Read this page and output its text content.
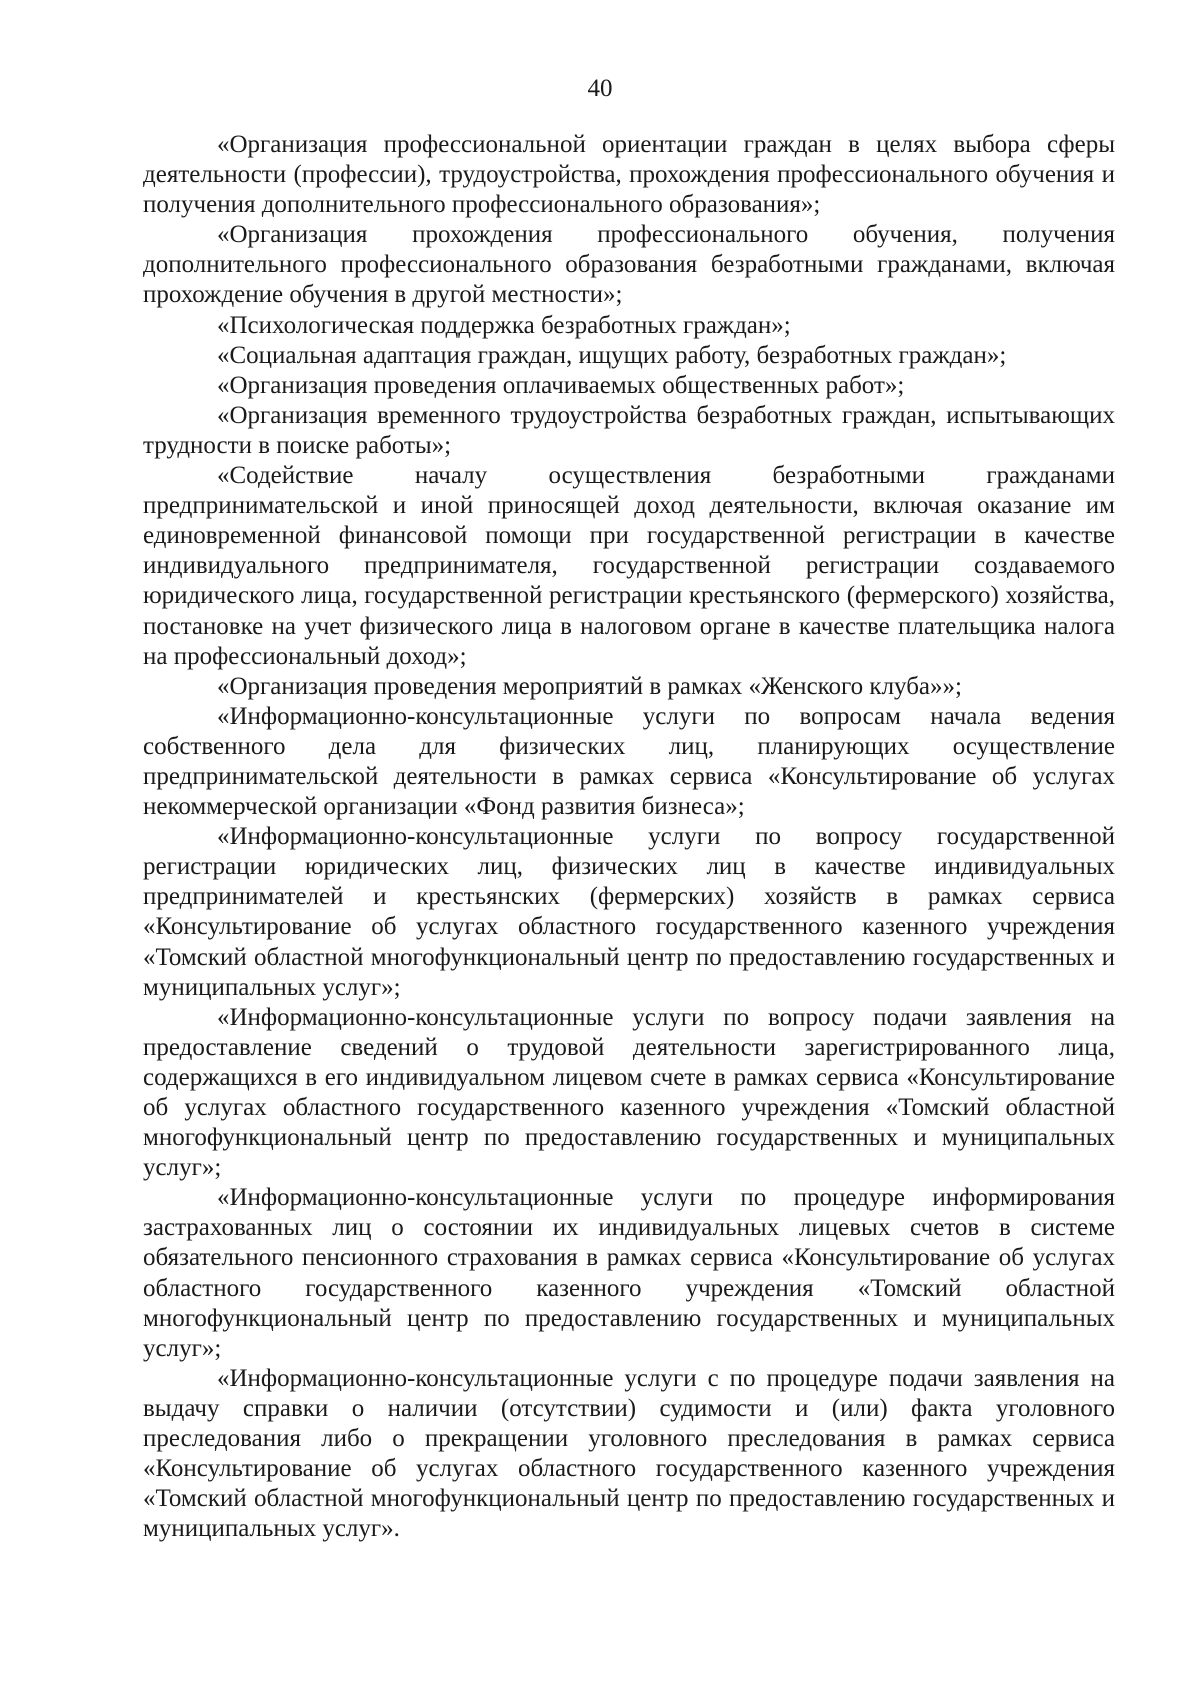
40

«Организация профессиональной ориентации граждан в целях выбора сферы деятельности (профессии), трудоустройства, прохождения профессионального обучения и получения дополнительного профессионального образования»;

«Организация прохождения профессионального обучения, получения дополнительного профессионального образования безработными гражданами, включая прохождение обучения в другой местности»;

«Психологическая поддержка безработных граждан»;

«Социальная адаптация граждан, ищущих работу, безработных граждан»;

«Организация проведения оплачиваемых общественных работ»;

«Организация временного трудоустройства безработных граждан, испытывающих трудности в поиске работы»;

«Содействие началу осуществления безработными гражданами предпринимательской и иной приносящей доход деятельности, включая оказание им единовременной финансовой помощи при государственной регистрации в качестве индивидуального предпринимателя, государственной регистрации создаваемого юридического лица, государственной регистрации крестьянского (фермерского) хозяйства, постановке на учет физического лица в налоговом органе в качестве плательщика налога на профессиональный доход»;

«Организация проведения мероприятий в рамках «Женского клуба»»;

«Информационно-консультационные услуги по вопросам начала ведения собственного дела для физических лиц, планирующих осуществление предпринимательской деятельности в рамках сервиса «Консультирование об услугах некоммерческой организации «Фонд развития бизнеса»;

«Информационно-консультационные услуги по вопросу государственной регистрации юридических лиц, физических лиц в качестве индивидуальных предпринимателей и крестьянских (фермерских) хозяйств в рамках сервиса «Консультирование об услугах областного государственного казенного учреждения «Томский областной многофункциональный центр по предоставлению государственных и муниципальных услуг»;

«Информационно-консультационные услуги по вопросу подачи заявления на предоставление сведений о трудовой деятельности зарегистрированного лица, содержащихся в его индивидуальном лицевом счете в рамках сервиса «Консультирование об услугах областного государственного казенного учреждения «Томский областной многофункциональный центр по предоставлению государственных и муниципальных услуг»;

«Информационно-консультационные услуги по процедуре информирования застрахованных лиц о состоянии их индивидуальных лицевых счетов в системе обязательного пенсионного страхования в рамках сервиса «Консультирование об услугах областного государственного казенного учреждения «Томский областной многофункциональный центр по предоставлению государственных и муниципальных услуг»;

«Информационно-консультационные услуги с по процедуре подачи заявления на выдачу справки о наличии (отсутствии) судимости и (или) факта уголовного преследования либо о прекращении уголовного преследования в рамках сервиса «Консультирование об услугах областного государственного казенного учреждения «Томский областной многофункциональный центр по предоставлению государственных и муниципальных услуг».
